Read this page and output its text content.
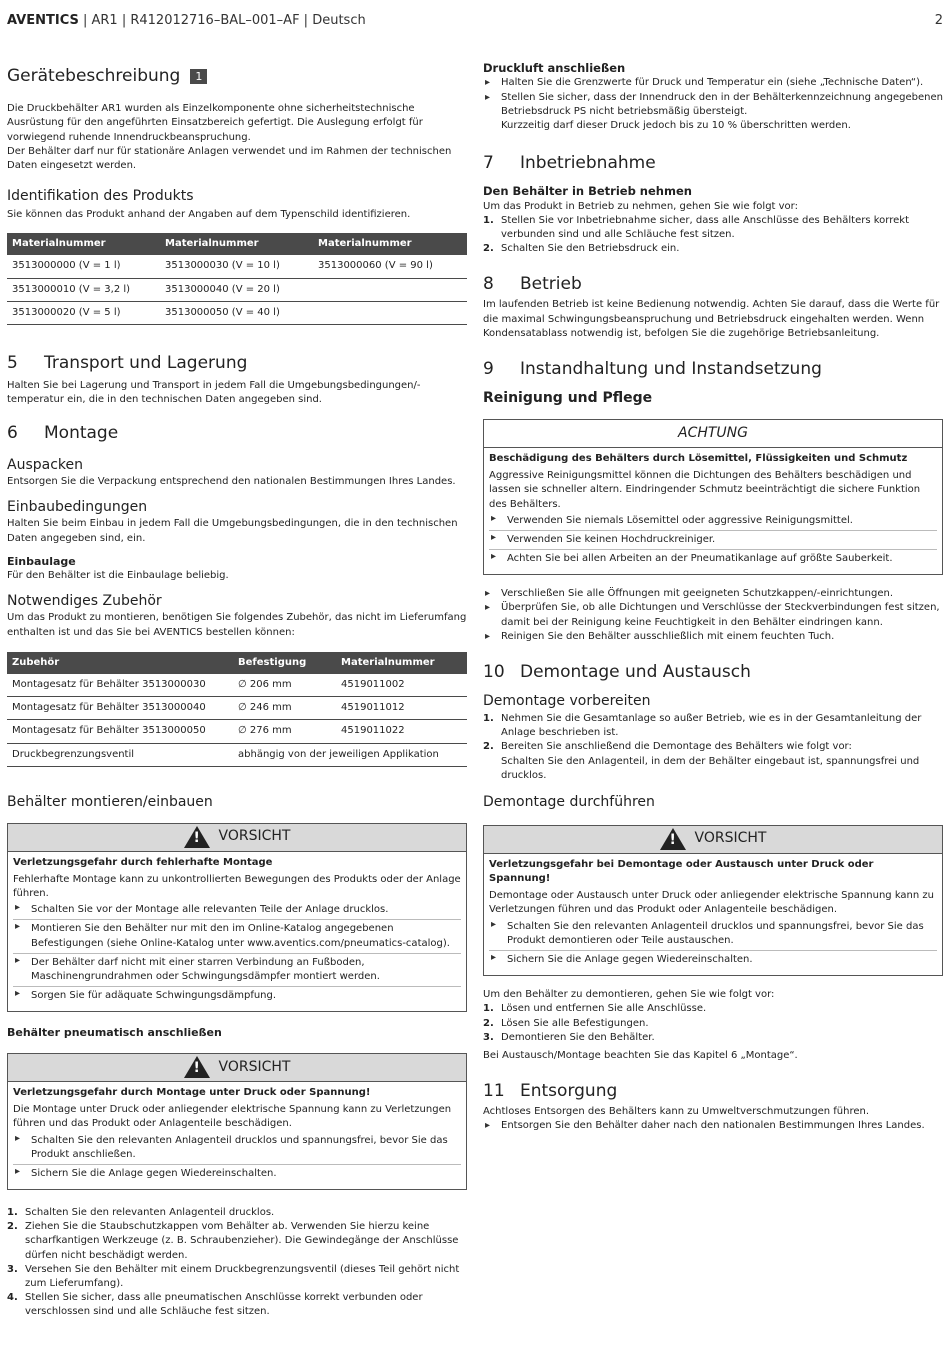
AVENTICS | AR1 | R412012716–BAL–001–AF | Deutsch	2
Gerätebeschreibung	1

Die Druckbehälter AR1 wurden als Einzelkomponente ohne sicherheitstechnische Ausrüstung für den angeführten Einsatzbereich gefertigt. Die Auslegung erfolgt für vorwiegend ruhende Innendruckbeanspruchung.

Der Behälter darf nur für stationäre Anlagen verwendet und im Rahmen der technischen Daten eingesetzt werden.

Identifikation des Produkts

Sie können das Produkt anhand der Angaben auf dem Typenschild identifizieren.

Materialnummer	Materialnummer	Materialnummer
3513000000 (V = 1 l)	3513000030 (V = 10 l)	3513000060 (V = 90 l)
3513000010 (V = 3,2 l)	3513000040 (V = 20 l)	
3513000020 (V = 5 l)	3513000050 (V = 40 l)	
5	Transport und Lagerung

Halten Sie bei Lagerung und Transport in jedem Fall die Umgebungsbedingungen/-temperatur ein, die in den technischen Daten angegeben sind.

6	Montage
Auspacken

Entsorgen Sie die Verpackung entsprechend den nationalen Bestimmungen Ihres Landes.

Einbaubedingungen

Halten Sie beim Einbau in jedem Fall die Umgebungsbedingungen, die in den technischen Daten angegeben sind, ein.

Einbaulage

Für den Behälter ist die Einbaulage beliebig.

Notwendiges Zubehör

Um das Produkt zu montieren, benötigen Sie folgendes Zubehör, das nicht im Lieferumfang enthalten ist und das Sie bei AVENTICS bestellen können:

Zubehör	Befestigung	Materialnummer
Montagesatz für Behälter 3513000030	∅ 206 mm	4519011002
Montagesatz für Behälter 3513000040	∅ 246 mm	4519011012
Montagesatz für Behälter 3513000050	∅ 276 mm	4519011022
Druckbegrenzungsventil	abhängig von der jeweiligen Applikation	
Behälter montieren/einbauen
! VORSICHT
Verletzungsgefahr durch fehlerhafte Montage

Fehlerhafte Montage kann zu unkontrollierten Bewegungen des Produkts oder der Anlage führen.

▸ Schalten Sie vor der Montage alle relevanten Teile der Anlage drucklos.
▸ Montieren Sie den Behälter nur mit den im Online-Katalog angegebenen Befestigungen (siehe Online-Katalog unter www.aventics.com/pneumatics-catalog).
▸ Der Behälter darf nicht mit einer starren Verbindung an Fußboden, Maschinengrundrahmen oder Schwingungsdämpfer montiert werden.
▸ Sorgen Sie für adäquate Schwingungsdämpfung.
Behälter pneumatisch anschließen
! VORSICHT
Verletzungsgefahr durch Montage unter Druck oder Spannung!

Die Montage unter Druck oder anliegender elektrische Spannung kann zu Verletzungen führen und das Produkt oder Anlagenteile beschädigen.

▸ Schalten Sie den relevanten Anlagenteil drucklos und spannungsfrei, bevor Sie das Produkt anschließen.
▸ Sichern Sie die Anlage gegen Wiedereinschalten.
1. Schalten Sie den relevanten Anlagenteil drucklos.
2. Ziehen Sie die Staubschutzkappen vom Behälter ab. Verwenden Sie hierzu keine scharfkantigen Werkzeuge (z. B. Schraubenzieher). Die Gewindegänge der Anschlüsse dürfen nicht beschädigt werden.
3. Versehen Sie den Behälter mit einem Druckbegrenzungsventil (dieses Teil gehört nicht zum Lieferumfang).
4. Stellen Sie sicher, dass alle pneumatischen Anschlüsse korrekt verbunden oder verschlossen sind und alle Schläuche fest sitzen.
Druckluft anschließen
▸ Halten Sie die Grenzwerte für Druck und Temperatur ein (siehe „Technische Daten“).
▸ Stellen Sie sicher, dass der Innendruck den in der Behälterkennzeichnung angegebenen Betriebsdruck PS nicht betriebsmäßig übersteigt.
Kurzzeitig darf dieser Druck jedoch bis zu 10 % überschritten werden.
7	Inbetriebnahme
Den Behälter in Betrieb nehmen

Um das Produkt in Betrieb zu nehmen, gehen Sie wie folgt vor:

1. Stellen Sie vor Inbetriebnahme sicher, dass alle Anschlüsse des Behälters korrekt verbunden sind und alle Schläuche fest sitzen.
2. Schalten Sie den Betriebsdruck ein.
8	Betrieb

Im laufenden Betrieb ist keine Bedienung notwendig. Achten Sie darauf, dass die Werte für die maximal Schwingungsbeanspruchung und Betriebsdruck eingehalten werden. Wenn Kondensatablass notwendig ist, befolgen Sie die zugehörige Betriebsanleitung.

9	Instandhaltung und Instandsetzung
Reinigung und Pflege
ACHTUNG
Beschädigung des Behälters durch Lösemittel, Flüssigkeiten und Schmutz

Aggressive Reinigungsmittel können die Dichtungen des Behälters beschädigen und lassen sie schneller altern. Eindringender Schmutz beeinträchtigt die sichere Funktion des Behälters.

▸ Verwenden Sie niemals Lösemittel oder aggressive Reinigungsmittel.
▸ Verwenden Sie keinen Hochdruckreiniger.
▸ Achten Sie bei allen Arbeiten an der Pneumatikanlage auf größte Sauberkeit.
▸ Verschließen Sie alle Öffnungen mit geeigneten Schutzkappen/-einrichtungen.
▸ Überprüfen Sie, ob alle Dichtungen und Verschlüsse der Steckverbindungen fest sitzen, damit bei der Reinigung keine Feuchtigkeit in den Behälter eindringen kann.
▸ Reinigen Sie den Behälter ausschließlich mit einem feuchten Tuch.
10 Demontage und Austausch
Demontage vorbereiten
1. Nehmen Sie die Gesamtanlage so außer Betrieb, wie es in der Gesamtanleitung der Anlage beschrieben ist.
2. Bereiten Sie anschließend die Demontage des Behälters wie folgt vor:
Schalten Sie den Anlagenteil, in dem der Behälter eingebaut ist, spannungsfrei und drucklos.
Demontage durchführen
! VORSICHT
Verletzungsgefahr bei Demontage oder Austausch unter Druck oder Spannung!

Demontage oder Austausch unter Druck oder anliegender elektrische Spannung kann zu Verletzungen führen und das Produkt oder Anlagenteile beschädigen.

▸ Schalten Sie den relevanten Anlagenteil drucklos und spannungsfrei, bevor Sie das Produkt demontieren oder Teile austauschen.
▸ Sichern Sie die Anlage gegen Wiedereinschalten.

Um den Behälter zu demontieren, gehen Sie wie folgt vor:

1. Lösen und entfernen Sie alle Anschlüsse.
2. Lösen Sie alle Befestigungen.
3. Demontieren Sie den Behälter.

Bei Austausch/Montage beachten Sie das Kapitel 6 „Montage“.

11 Entsorgung

Achtloses Entsorgen des Behälters kann zu Umweltverschmutzungen führen.

▸ Entsorgen Sie den Behälter daher nach den nationalen Bestimmungen Ihres Landes.
